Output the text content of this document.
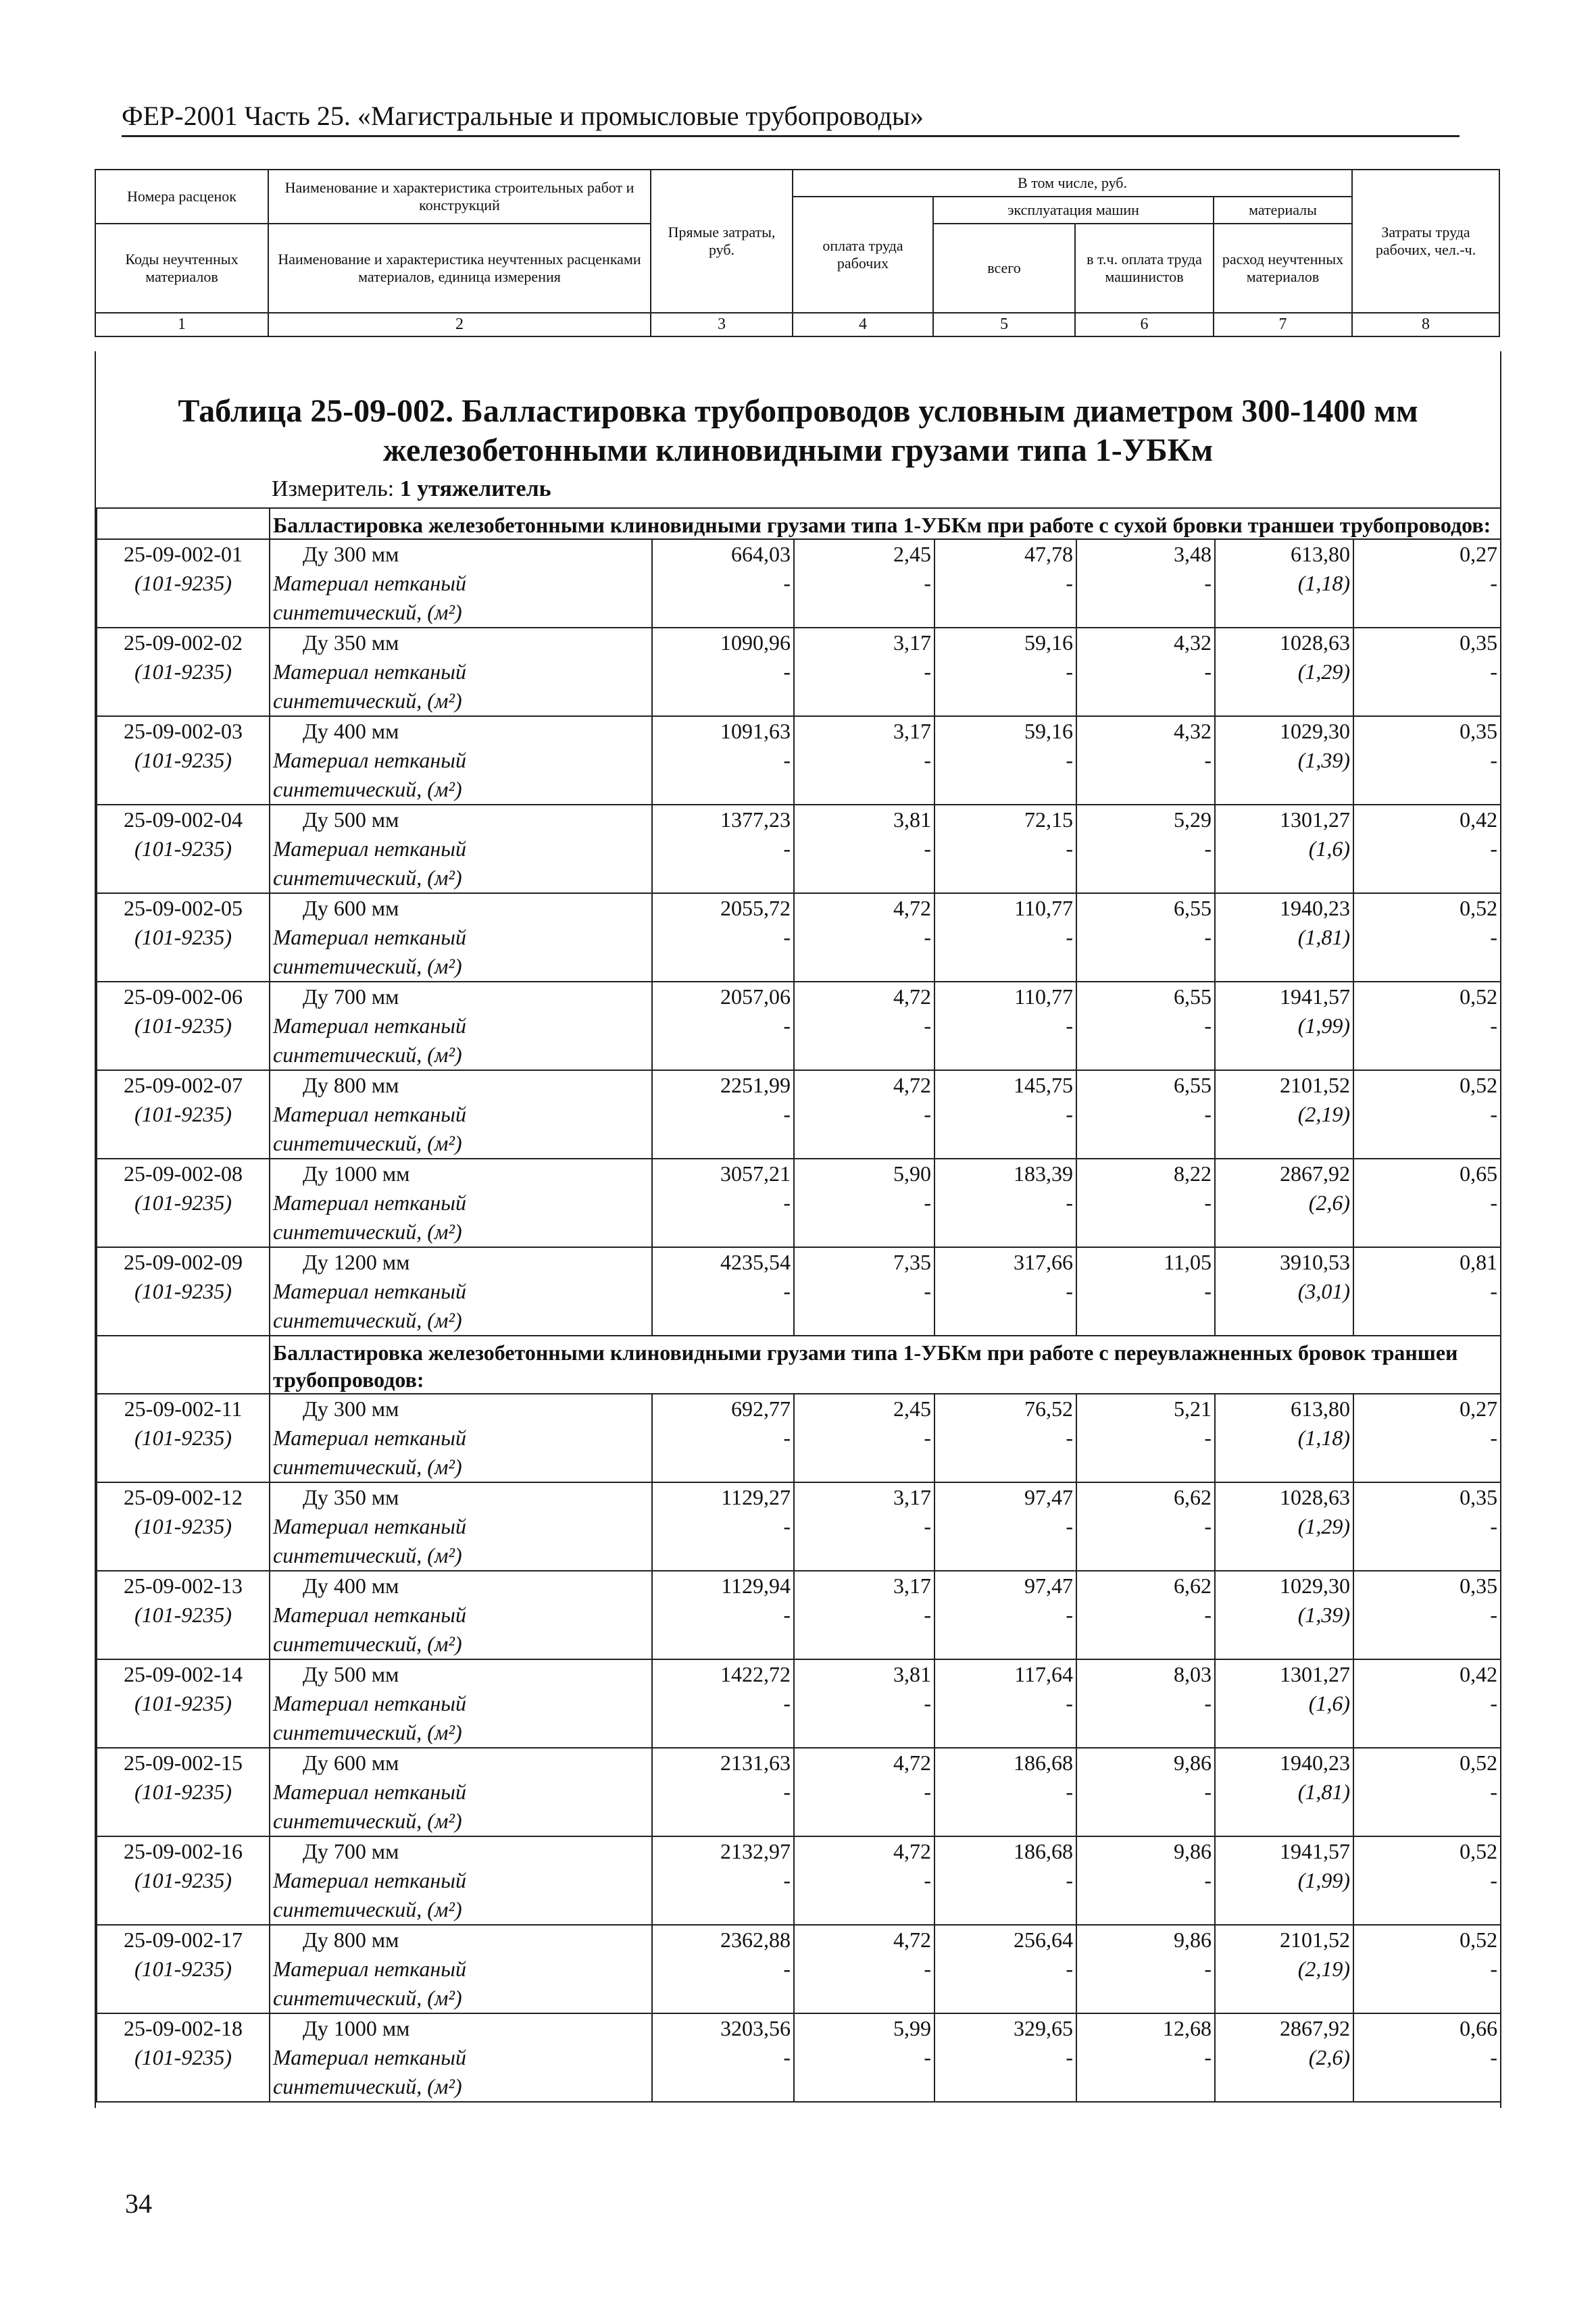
ФЕР-2001 Часть 25. «Магистральные и промысловые трубопроводы»
Номера расценок	Наименование и характеристика строительных работ и конструкций	Прямые затраты, руб.	В том числе, руб.				Затраты труда рабочих, чел.-ч.
			оплата труда рабочих	эксплуатация машин		материалы	
Коды неучтенных материалов	Наименование и характеристика неучтенных расценками материалов, единица измерения			всего	в т.ч. оплата труда машинистов	расход неучтенных материалов	
1	2	3	4	5	6	7	8
Таблица 25-09-002. Балластировка трубопроводов условным диаметром 300-1400 мм
железобетонными клиновидными грузами типа 1-УБКм
Измеритель: 1 утяжелитель
	Балластировка железобетонными клиновидными грузами типа 1-УБКм при работе с сухой бровки траншеи трубопроводов:						
25-09-002-01	Ду 300 мм	664,03	2,45	47,78	3,48	613,80	0,27
(101-9235)	Материал нетканый	-	-	-	-	(1,18)	-
	синтетический, (м²)						
25-09-002-02	Ду 350 мм	1090,96	3,17	59,16	4,32	1028,63	0,35
(101-9235)	Материал нетканый	-	-	-	-	(1,29)	-
	синтетический, (м²)						
25-09-002-03	Ду 400 мм	1091,63	3,17	59,16	4,32	1029,30	0,35
(101-9235)	Материал нетканый	-	-	-	-	(1,39)	-
	синтетический, (м²)						
25-09-002-04	Ду 500 мм	1377,23	3,81	72,15	5,29	1301,27	0,42
(101-9235)	Материал нетканый	-	-	-	-	(1,6)	-
	синтетический, (м²)						
25-09-002-05	Ду 600 мм	2055,72	4,72	110,77	6,55	1940,23	0,52
(101-9235)	Материал нетканый	-	-	-	-	(1,81)	-
	синтетический, (м²)						
25-09-002-06	Ду 700 мм	2057,06	4,72	110,77	6,55	1941,57	0,52
(101-9235)	Материал нетканый	-	-	-	-	(1,99)	-
	синтетический, (м²)						
25-09-002-07	Ду 800 мм	2251,99	4,72	145,75	6,55	2101,52	0,52
(101-9235)	Материал нетканый	-	-	-	-	(2,19)	-
	синтетический, (м²)						
25-09-002-08	Ду 1000 мм	3057,21	5,90	183,39	8,22	2867,92	0,65
(101-9235)	Материал нетканый	-	-	-	-	(2,6)	-
	синтетический, (м²)						
25-09-002-09	Ду 1200 мм	4235,54	7,35	317,66	11,05	3910,53	0,81
(101-9235)	Материал нетканый	-	-	-	-	(3,01)	-
	синтетический, (м²)						
	Балластировка железобетонными клиновидными грузами типа 1-УБКм при работе с переувлажненных бровок траншеи трубопроводов:						
25-09-002-11	Ду 300 мм	692,77	2,45	76,52	5,21	613,80	0,27
(101-9235)	Материал нетканый	-	-	-	-	(1,18)	-
	синтетический, (м²)						
25-09-002-12	Ду 350 мм	1129,27	3,17	97,47	6,62	1028,63	0,35
(101-9235)	Материал нетканый	-	-	-	-	(1,29)	-
	синтетический, (м²)						
25-09-002-13	Ду 400 мм	1129,94	3,17	97,47	6,62	1029,30	0,35
(101-9235)	Материал нетканый	-	-	-	-	(1,39)	-
	синтетический, (м²)						
25-09-002-14	Ду 500 мм	1422,72	3,81	117,64	8,03	1301,27	0,42
(101-9235)	Материал нетканый	-	-	-	-	(1,6)	-
	синтетический, (м²)						
25-09-002-15	Ду 600 мм	2131,63	4,72	186,68	9,86	1940,23	0,52
(101-9235)	Материал нетканый	-	-	-	-	(1,81)	-
	синтетический, (м²)						
25-09-002-16	Ду 700 мм	2132,97	4,72	186,68	9,86	1941,57	0,52
(101-9235)	Материал нетканый	-	-	-	-	(1,99)	-
	синтетический, (м²)						
25-09-002-17	Ду 800 мм	2362,88	4,72	256,64	9,86	2101,52	0,52
(101-9235)	Материал нетканый	-	-	-	-	(2,19)	-
	синтетический, (м²)						
25-09-002-18	Ду 1000 мм	3203,56	5,99	329,65	12,68	2867,92	0,66
(101-9235)	Материал нетканый	-	-	-	-	(2,6)	-
	синтетический, (м²)						
34
